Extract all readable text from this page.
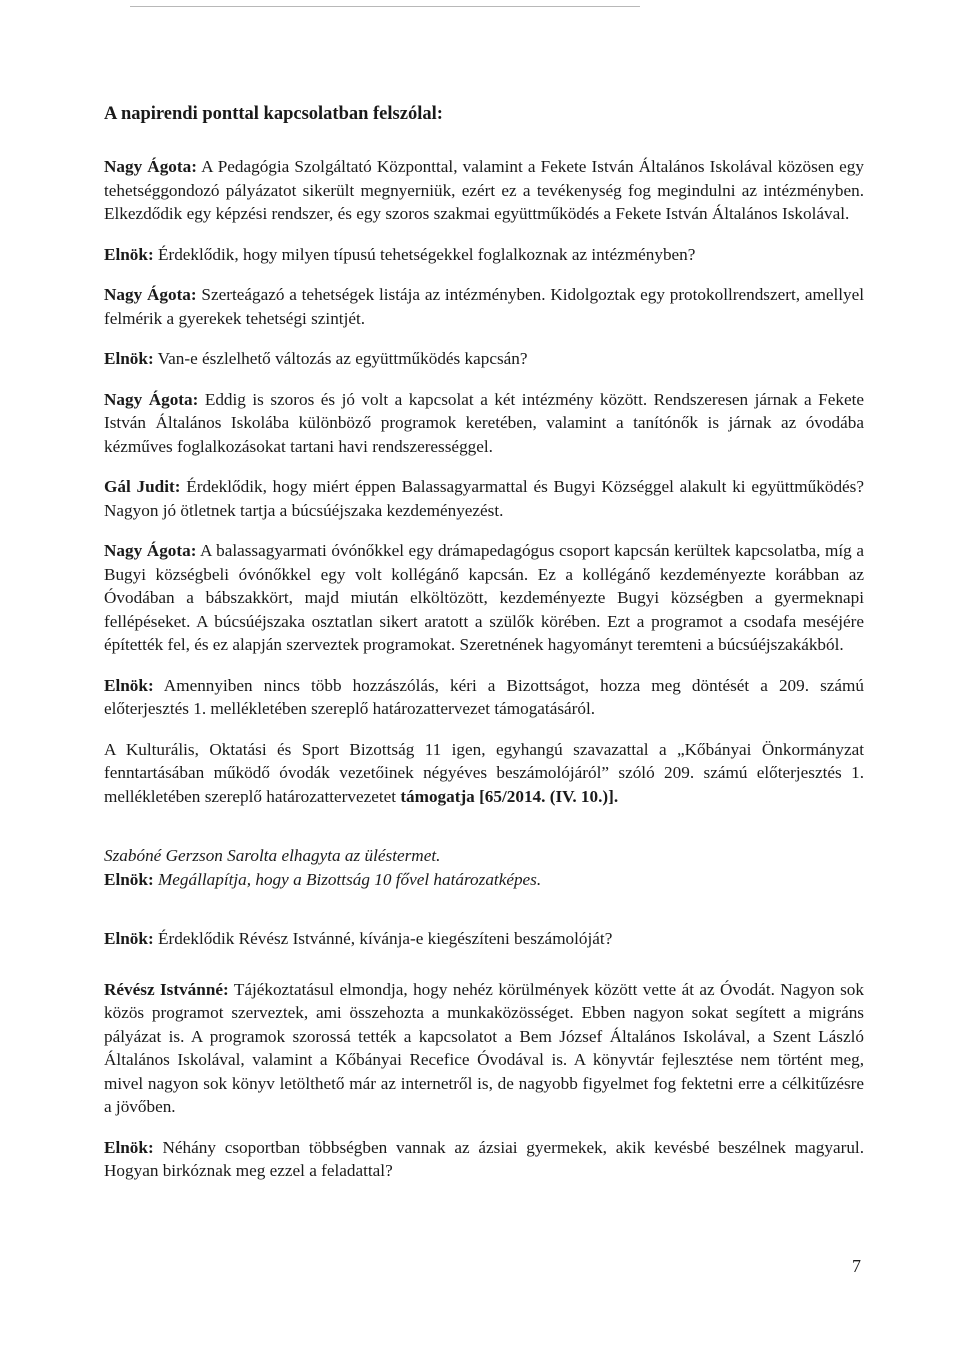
A napirendi ponttal kapcsolatban felszólal:

Nagy Ágota: A Pedagógia Szolgáltató Központtal, valamint a Fekete István Általános Iskolával közösen egy tehetséggondozó pályázatot sikerült megnyerniük, ezért ez a tevékenység fog megindulni az intézményben. Elkezdődik egy képzési rendszer, és egy szoros szakmai együttműködés a Fekete István Általános Iskolával.

Elnök: Érdeklődik, hogy milyen típusú tehetségekkel foglalkoznak az intézményben?

Nagy Ágota: Szerteágazó a tehetségek listája az intézményben. Kidolgoztak egy protokollrendszert, amellyel felmérik a gyerekek tehetségi szintjét.

Elnök: Van-e észlelhető változás az együttműködés kapcsán?

Nagy Ágota: Eddig is szoros és jó volt a kapcsolat a két intézmény között. Rendszeresen járnak a Fekete István Általános Iskolába különböző programok keretében, valamint a tanítónők is járnak az óvodába kézműves foglalkozásokat tartani havi rendszerességgel.

Gál Judit: Érdeklődik, hogy miért éppen Balassagyarmattal és Bugyi Községgel alakult ki együttműködés? Nagyon jó ötletnek tartja a búcsúéjszaka kezdeményezést.

Nagy Ágota: A balassagyarmati óvónőkkel egy drámapedagógus csoport kapcsán kerültek kapcsolatba, míg a Bugyi községbeli óvónőkkel egy volt kollégánő kapcsán. Ez a kollégánő kezdeményezte korábban az Óvodában a bábszakkört, majd miután elköltözött, kezdeményezte Bugyi községben a gyermeknapi fellépéseket. A búcsúéjszaka osztatlan sikert aratott a szülők körében. Ezt a programot a csodafa meséjére építették fel, és ez alapján szerveztek programokat. Szeretnének hagyományt teremteni a búcsúéjszakákból.

Elnök: Amennyiben nincs több hozzászólás, kéri a Bizottságot, hozza meg döntését a 209. számú előterjesztés 1. mellékletében szereplő határozattervezet támogatásáról.

A Kulturális, Oktatási és Sport Bizottság 11 igen, egyhangú szavazattal a „Kőbányai Önkormányzat fenntartásában működő óvodák vezetőinek négyéves beszámolójáról” szóló 209. számú előterjesztés 1. mellékletében szereplő határozattervezetet támogatja [65/2014. (IV. 10.)].

Szabóné Gerzson Sarolta elhagyta az üléstermet.

Elnök: Megállapítja, hogy a Bizottság 10 fővel határozatképes.

Elnök: Érdeklődik Révész Istvánné, kívánja-e kiegészíteni beszámolóját?

Révész Istvánné: Tájékoztatásul elmondja, hogy nehéz körülmények között vette át az Óvodát. Nagyon sok közös programot szerveztek, ami összehozta a munkaközösséget. Ebben nagyon sokat segített a migráns pályázat is. A programok szorossá tették a kapcsolatot a Bem József Általános Iskolával, a Szent László Általános Iskolával, valamint a Kőbányai Recefice Óvodával is. A könyvtár fejlesztése nem történt meg, mivel nagyon sok könyv letölthető már az internetről is, de nagyobb figyelmet fog fektetni erre a célkitűzésre a jövőben.

Elnök: Néhány csoportban többségben vannak az ázsiai gyermekek, akik kevésbé beszélnek magyarul. Hogyan birkóznak meg ezzel a feladattal?

7
